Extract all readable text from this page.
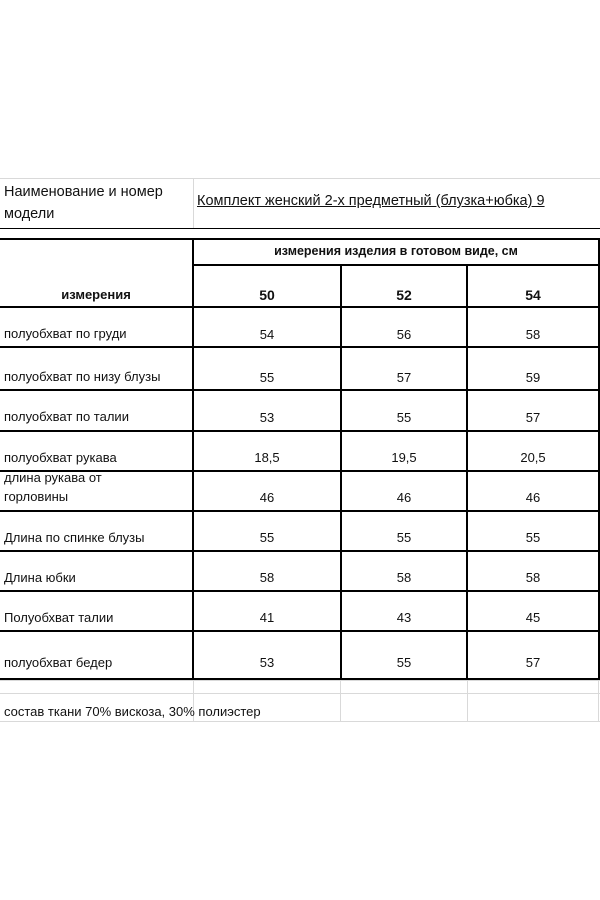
Наименование и номер
модели
Комплект женский 2-х предметный (блузка+юбка) 9
измерения изделия в готовом виде, см
измерения	50	52	54
полуобхват по груди	54	56	58
полуобхват по низу блузы	55	57	59
полуобхват по талии	53	55	57
полуобхват рукава	18,5	19,5	20,5
длина рукава от
горловины	46	46	46
Длина по спинке блузы	55	55	55
Длина юбки	58	58	58
Полуобхват талии	41	43	45
полуобхват бедер	53	55	57
состав ткани 70% вискоза, 30% полиэстер
